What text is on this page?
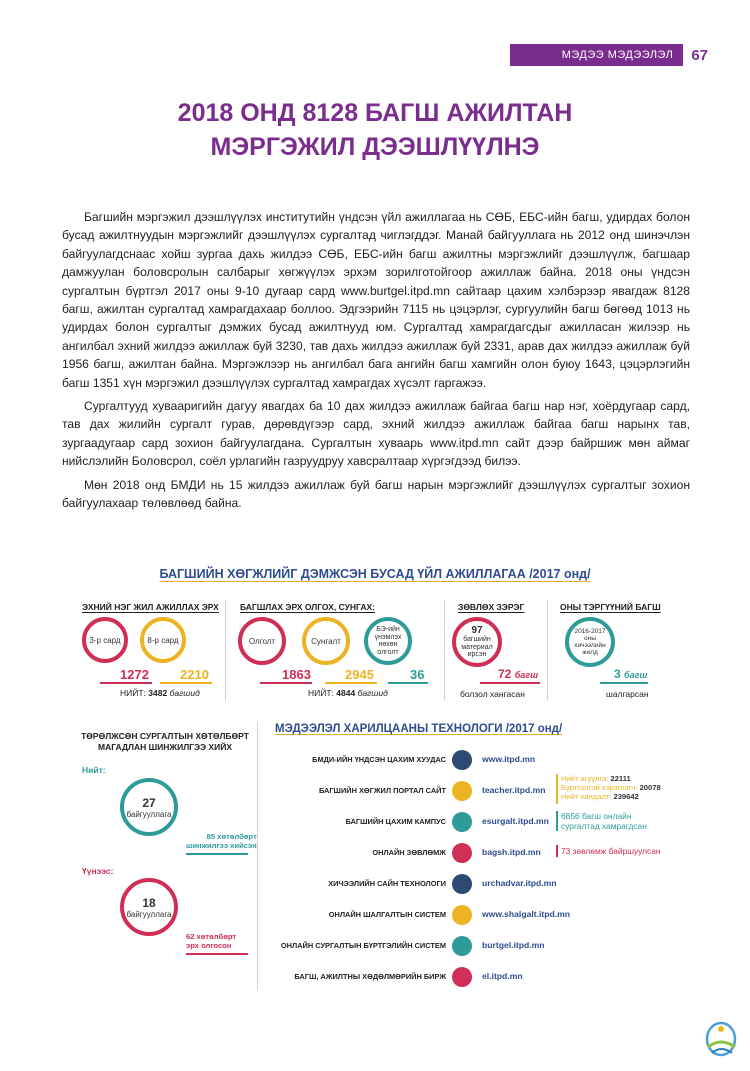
МЭДЭЭ МЭДЭЭЛЭЛ	67
2018 ОНД 8128 БАГШ АЖИЛТАН
МЭРГЭЖИЛ ДЭЭШЛҮҮЛНЭ

Багшийн мэргэжил дээшлүүлэх институтийн үндсэн үйл ажиллагаа нь СӨБ, ЕБС-ийн багш, удирдах болон бусад ажилтнуудын мэргэжлийг дээшлүүлэх сургалтад чиглэгддэг. Манай байгууллага нь 2012 онд шинэчлэн байгуулагдснаас хойш зургаа дахь жилдээ СӨБ, ЕБС-ийн багш ажилтны мэргэжлийг дээшлүүлж, багшаар дамжуулан боловсролын салбарыг хөгжүүлэх эрхэм зорилготойгоор ажиллаж байна. 2018 оны үндсэн сургалтын бүртгэл 2017 оны 9-10 дугаар сард www.burtgel.itpd.mn сайтаар цахим хэлбэрээр явагдаж 8128 багш, ажилтан сургалтад хамрагдахаар боллоо. Эдгээрийн 7115 нь цэцэрлэг, сургуулийн багш бөгөөд 1013 нь удирдах болон сургалтыг дэмжих бусад ажилтнууд юм. Сургалтад хамрагдагсдыг ажилласан жилээр нь ангилбал эхний жилдээ ажиллаж буй 3230, тав дахь жилдээ ажиллаж буй 2331, арав дах жилдээ ажиллаж буй 1956 багш, ажилтан байна. Мэргэжлээр нь ангилбал бага ангийн багш хамгийн олон буюу 1643, цэцэрлэгийн багш 1351 хүн мэргэжил дээшлүүлэх сургалтад хамрагдах хүсэлт гаргажээ.

Сургалтууд хувааригийн дагуу явагдах ба 10 дах жилдээ ажиллаж байгаа багш нар нэг, хоёрдугаар сард, тав дах жилийн сургалт гурав, дөрөвдүгээр сард, эхний жилдээ ажиллаж байгаа багш нарынх тав, зургаадугаар сард зохион байгуулагдана. Сургалтын хуваарь www.itpd.mn сайт дээр байршиж мөн аймаг нийслэлийн Боловсрол, соёл урлагийн газруудруу хавсралтаар хүргэгдээд билээ.

Мөн 2018 онд БМДИ нь 15 жилдээ ажиллаж буй багш нарын мэргэжлийг дээшлүүлэх сургалтыг зохион байгуулахаар төлөвлөөд байна.

БАГШИЙН ХӨГЖЛИЙГ ДЭМЖСЭН БУСАД ҮЙЛ АЖИЛЛАГАА /2017 онд/
ЭХНИЙ НЭГ ЖИЛ АЖИЛЛАХ ЭРХ
3-р сард	8-р сард
1272 2210
НИЙТ: 3482 багшид
БАГШЛАХ ЭРХ ОЛГОХ, СУНГАХ:
Олголт	Сунгалт
БЭ-ийн үнэмлэх нөхөн олголт
1863	2945	36
НИЙТ: 4844 багшид
ЗӨВЛӨХ ЗЭРЭГ
97
багшийн материал ирсэн
72 багш
болзол хангасан
ОНЫ ТЭРГҮҮНИЙ БАГШ
2016-2017 оны хичээлийн жилд
3 багш
шалгарсан
ТӨРӨЛЖСӨН СУРГАЛТЫН ХӨТӨЛБӨРТ
МАГАДЛАН ШИНЖИЛГЭЭ ХИЙХ
Нийт:
27
байгууллага
85 хөтөлбөрт
шинжилгээ хийсэн
Үүнээс:
18
байгууллага
62 хөтөлбөрт
эрх олгосон
МЭДЭЭЛЭЛ ХАРИЛЦААНЫ ТЕХНОЛОГИ /2017 онд/
БМДИ-ИЙН ҮНДСЭН ЦАХИМ ХУУДАС	www.itpd.mn
БАГШИЙН ХӨГЖИЛ ПОРТАЛ САЙТ	teacher.itpd.mn
БАГШИЙН ЦАХИМ КАМПУС	esurgalt.itpd.mn
ОНЛАЙН ЗӨВЛӨМЖ	bagsh.itpd.mn
ХИЧЭЭЛИЙН САЙН ТЕХНОЛОГИ	urchadvar.itpd.mn
ОНЛАЙН ШАЛГАЛТЫН СИСТЕМ	www.shalgalt.itpd.mn
ОНЛАЙН СУРГАЛТЫН БҮРТГЭЛИЙН СИСТЕМ	burtgel.itpd.mn
БАГШ, АЖИЛТНЫ ХӨДӨЛМӨРИЙН БИРЖ	el.itpd.mn
Нийт агуулга: 22111
Бүртгэлтэй хэрэглэгч: 20078
Нийт хандалт: 239642
6856 багш онлайн
сургалтад хамрагдсан
73 зөвлөмж байршуулсан
